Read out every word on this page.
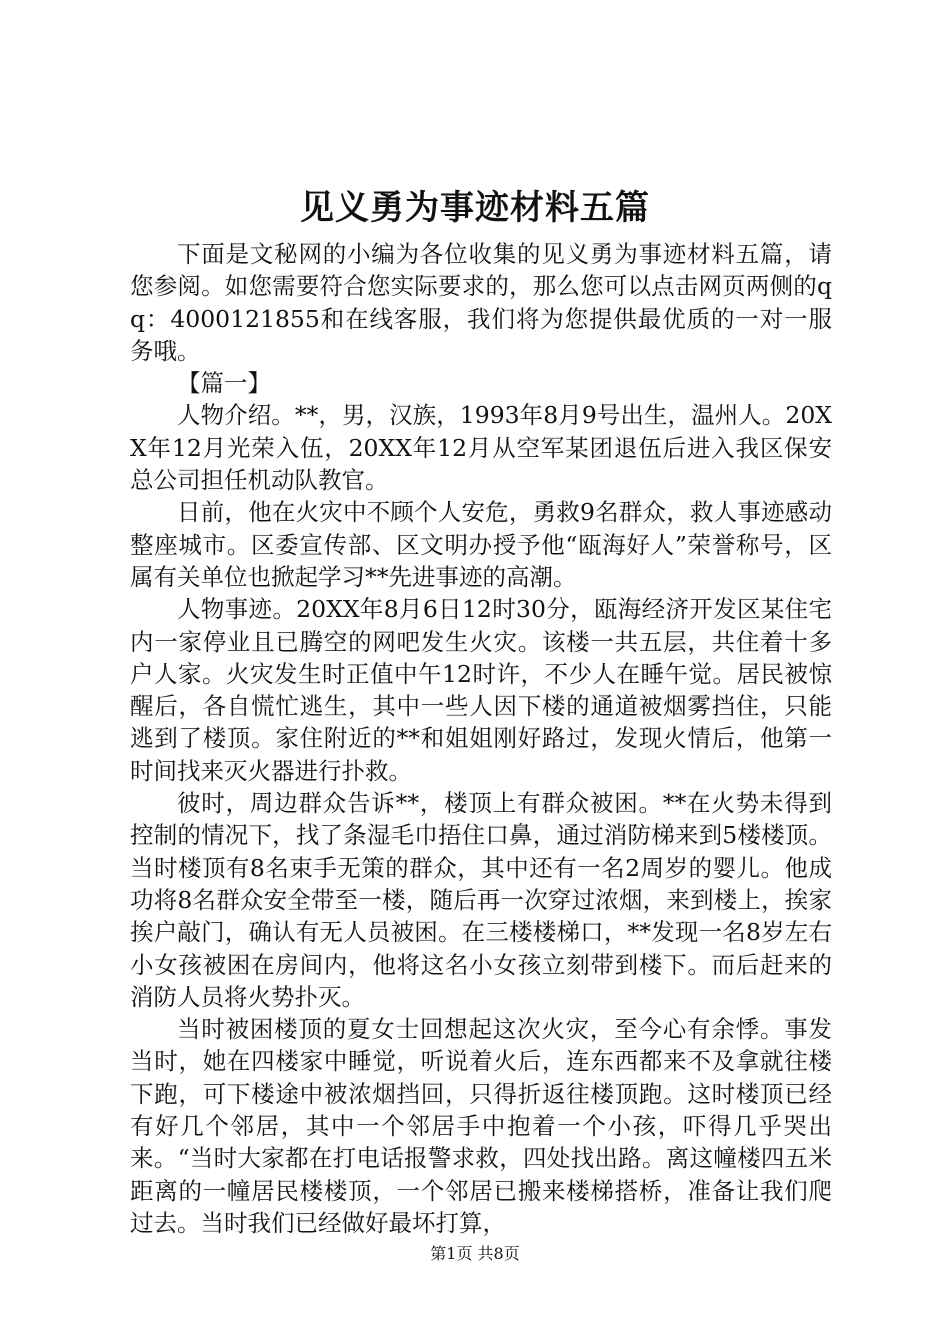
见义勇为事迹材料五篇

下面是文秘网的小编为各位收集的见义勇为事迹材料五篇，请您参阅。如您需要符合您实际要求的，那么您可以点击网页两侧的qq：4000121855和在线客服，我们将为您提供最优质的一对一服务哦。

【篇一】

人物介绍。**，男，汉族，1993年8月9号出生，温州人。20XX年12月光荣入伍，20XX年12月从空军某团退伍后进入我区保安总公司担任机动队教官。

日前，他在火灾中不顾个人安危，勇救9名群众，救人事迹感动整座城市。区委宣传部、区文明办授予他“瓯海好人”荣誉称号，区属有关单位也掀起学习**先进事迹的高潮。

人物事迹。20XX年8月6日12时30分，瓯海经济开发区某住宅内一家停业且已腾空的网吧发生火灾。该楼一共五层，共住着十多户人家。火灾发生时正值中午12时许，不少人在睡午觉。居民被惊醒后，各自慌忙逃生，其中一些人因下楼的通道被烟雾挡住，只能逃到了楼顶。家住附近的**和姐姐刚好路过，发现火情后，他第一时间找来灭火器进行扑救。

彼时，周边群众告诉**，楼顶上有群众被困。**在火势未得到控制的情况下，找了条湿毛巾捂住口鼻，通过消防梯来到5楼楼顶。当时楼顶有8名束手无策的群众，其中还有一名2周岁的婴儿。他成功将8名群众安全带至一楼，随后再一次穿过浓烟，来到楼上，挨家挨户敲门，确认有无人员被困。在三楼楼梯口，**发现一名8岁左右小女孩被困在房间内，他将这名小女孩立刻带到楼下。而后赶来的消防人员将火势扑灭。

当时被困楼顶的夏女士回想起这次火灾，至今心有余悸。事发当时，她在四楼家中睡觉，听说着火后，连东西都来不及拿就往楼下跑，可下楼途中被浓烟挡回，只得折返往楼顶跑。这时楼顶已经有好几个邻居，其中一个邻居手中抱着一个小孩，吓得几乎哭出来。“当时大家都在打电话报警求救，四处找出路。离这幢楼四五米距离的一幢居民楼楼顶，一个邻居已搬来楼梯搭桥，准备让我们爬过去。当时我们已经做好最坏打算，

第1页 共8页
